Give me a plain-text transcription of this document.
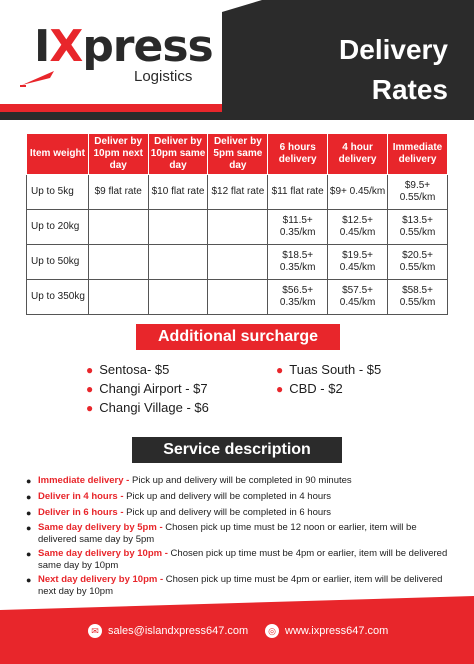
IXpress
Logistics
Delivery
Rates
Item weight	Deliver by 10pm next day	Deliver by 10pm same day	Deliver by 5pm same day	6 hours delivery	4 hour delivery	Immediate delivery
Up to 5kg	$9 flat rate	$10 flat rate	$12 flat rate	$11 flat rate	$9+ 0.45/km	$9.5+ 0.55/km
Up to 20kg				$11.5+ 0.35/km	$12.5+ 0.45/km	$13.5+ 0.55/km
Up to 50kg				$18.5+ 0.35/km	$19.5+ 0.45/km	$20.5+ 0.55/km
Up to 350kg				$56.5+ 0.35/km	$57.5+ 0.45/km	$58.5+ 0.55/km
Additional surcharge
● Sentosa- $5
● Changi Airport - $7
● Changi Village - $6
● Tuas South - $5
● CBD - $2
Service description
● Immediate delivery - Pick up and delivery will be completed in 90 minutes
● Deliver in 4 hours - Pick up and delivery will be completed in 4 hours
● Deliver in 6 hours - Pick up and delivery will be completed in 6 hours
● Same day delivery by 5pm - Chosen pick up time must be 12 noon or earlier, item will be delivered same day by 5pm
● Same day delivery by 10pm - Chosen pick up time must be 4pm or earlier, item will be delivered same day by 10pm
● Next day delivery by 10pm - Chosen pick up time must be 4pm or earlier, item will be delivered next day by 10pm
✉ sales@islandxpress647.com	◎ www.ixpress647.com
